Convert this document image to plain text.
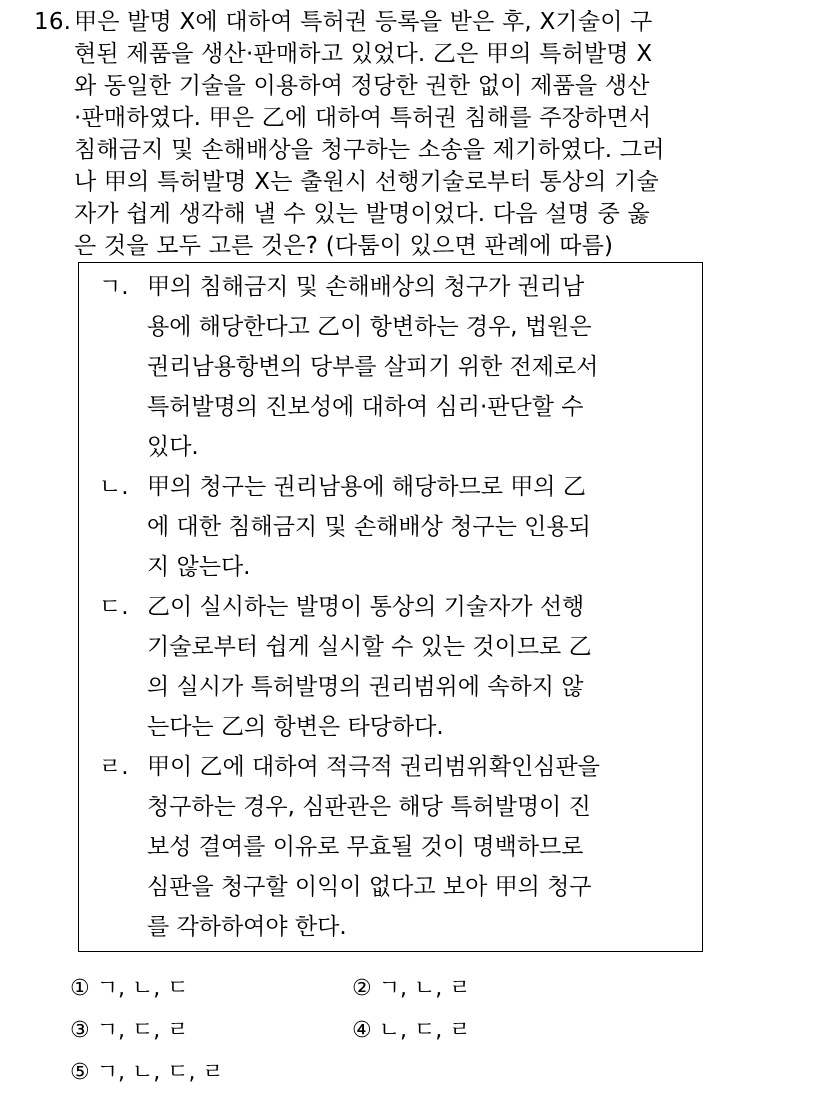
16. 甲은 발명 X에 대하여 특허권 등록을 받은 후, X기술이 구
현된 제품을 생산·판매하고 있었다. 乙은 甲의 특허발명 X
와 동일한 기술을 이용하여 정당한 권한 없이 제품을 생산
·판매하였다. 甲은 乙에 대하여 특허권 침해를 주장하면서
침해금지 및 손해배상을 청구하는 소송을 제기하였다. 그러
나 甲의 특허발명 X는 출원시 선행기술로부터 통상의 기술
자가 쉽게 생각해 낼 수 있는 발명이었다. 다음 설명 중 옳
은 것을 모두 고른 것은? (다툼이 있으면 판례에 따름)
ㄱ. 甲의 침해금지 및 손해배상의 청구가 권리남
용에 해당한다고 乙이 항변하는 경우, 법원은
권리남용항변의 당부를 살피기 위한 전제로서
특허발명의 진보성에 대하여 심리·판단할 수
있다.
ㄴ. 甲의 청구는 권리남용에 해당하므로 甲의 乙
에 대한 침해금지 및 손해배상 청구는 인용되
지 않는다.
ㄷ. 乙이 실시하는 발명이 통상의 기술자가 선행
기술로부터 쉽게 실시할 수 있는 것이므로 乙
의 실시가 특허발명의 권리범위에 속하지 않
는다는 乙의 항변은 타당하다.
ㄹ. 甲이 乙에 대하여 적극적 권리범위확인심판을
청구하는 경우, 심판관은 해당 특허발명이 진
보성 결여를 이유로 무효될 것이 명백하므로
심판을 청구할 이익이 없다고 보아 甲의 청구
를 각하하여야 한다.
① ㄱ, ㄴ, ㄷ	② ㄱ, ㄴ, ㄹ
③ ㄱ, ㄷ, ㄹ	④ ㄴ, ㄷ, ㄹ
⑤ ㄱ, ㄴ, ㄷ, ㄹ
